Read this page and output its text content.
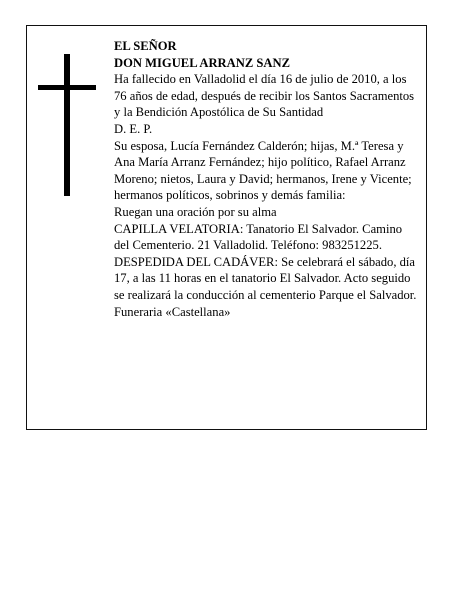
EL SEÑOR

DON MIGUEL ARRANZ SANZ

Ha fallecido en Valladolid el día 16 de julio de 2010, a los 76 años de edad, después de recibir los Santos Sacramentos y la Bendición Apostólica de Su Santidad

D. E. P.

Su esposa, Lucía Fernández Calderón; hijas, M.ª Teresa y Ana María Arranz Fernández; hijo político, Rafael Arranz Moreno; nietos, Laura y David; hermanos, Irene y Vicente; hermanos políticos, sobrinos y demás familia:

Ruegan una oración por su alma

CAPILLA VELATORIA: Tanatorio El Salvador. Camino del Cementerio. 21 Valladolid. Teléfono: 983251225.

DESPEDIDA DEL CADÁVER: Se celebrará el sábado, día 17, a las 11 horas en el tanatorio El Salvador. Acto seguido se realizará la conducción al cementerio Parque el Salvador.

Funeraria «Castellana»
